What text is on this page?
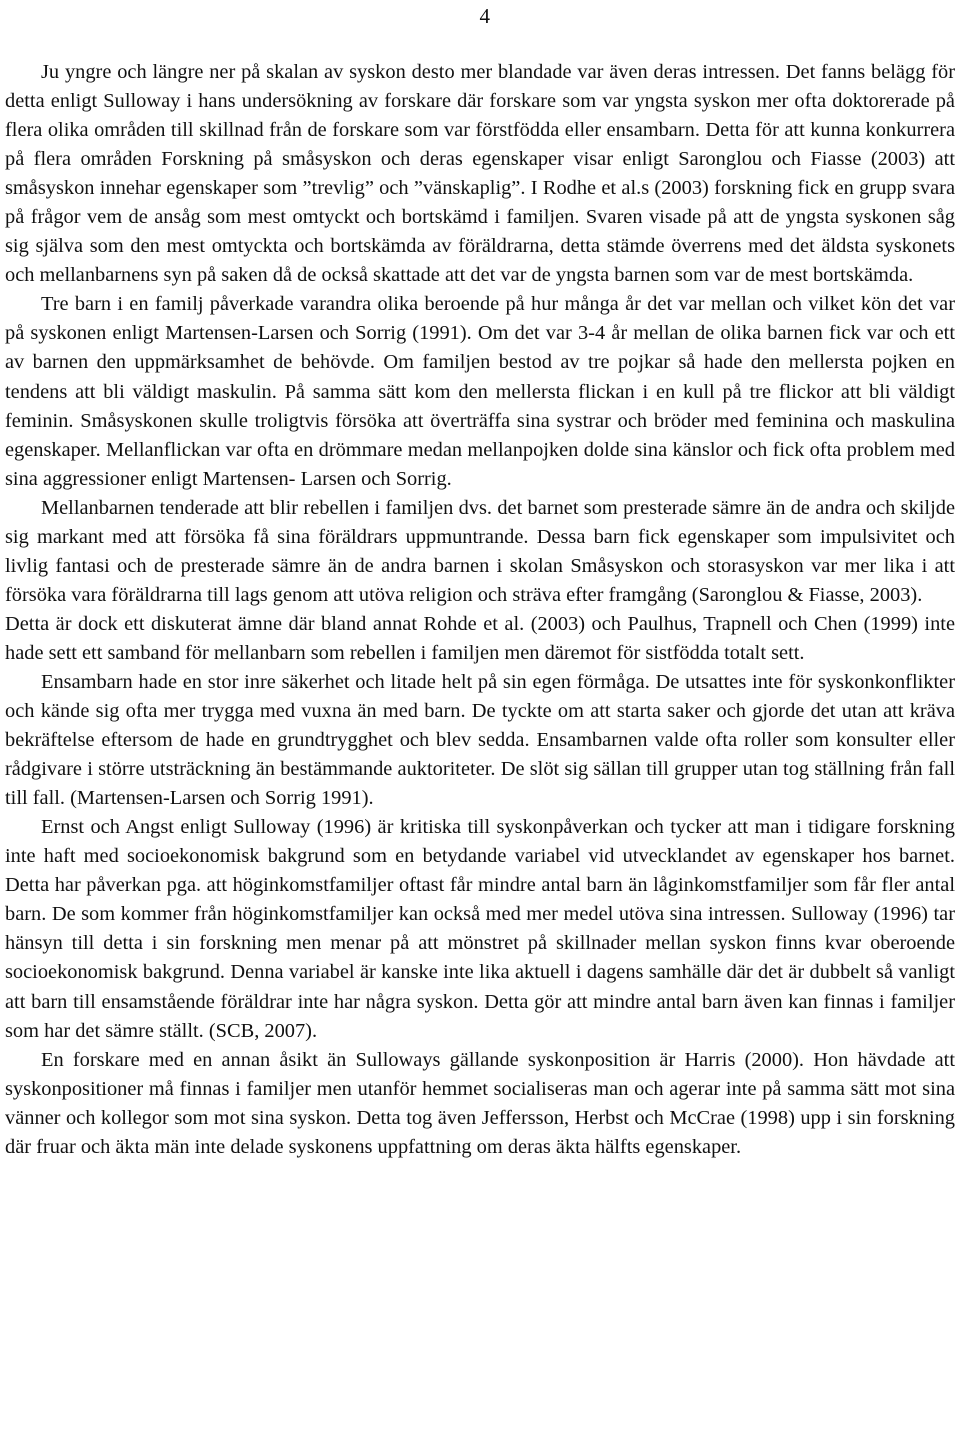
4

Ju yngre och längre ner på skalan av syskon desto mer blandade var även deras intressen. Det fanns belägg för detta enligt Sulloway i hans undersökning av forskare där forskare som var yngsta syskon mer ofta doktorerade på flera olika områden till skillnad från de forskare som var förstfödda eller ensambarn. Detta för att kunna konkurrera på flera områden Forskning på småsyskon och deras egenskaper visar enligt Saronglou och Fiasse (2003) att småsyskon innehar egenskaper som ”trevlig” och ”vänskaplig”. I Rodhe et al.s (2003) forskning fick en grupp svara på frågor vem de ansåg som mest omtyckt och bortskämd i familjen. Svaren visade på att de yngsta syskonen såg sig själva som den mest omtyckta och bortskämda av föräldrarna, detta stämde överrens med det äldsta syskonets och mellanbarnens syn på saken då de också skattade att det var de yngsta barnen som var de mest bortskämda.

Tre barn i en familj påverkade varandra olika beroende på hur många år det var mellan och vilket kön det var på syskonen enligt Martensen-Larsen och Sorrig (1991). Om det var 3-4 år mellan de olika barnen fick var och ett av barnen den uppmärksamhet de behövde. Om familjen bestod av tre pojkar så hade den mellersta pojken en tendens att bli väldigt maskulin. På samma sätt kom den mellersta flickan i en kull på tre flickor att bli väldigt feminin. Småsyskonen skulle troligtvis försöka att överträffa sina systrar och bröder med feminina och maskulina egenskaper. Mellanflickan var ofta en drömmare medan mellanpojken dolde sina känslor och fick ofta problem med sina aggressioner enligt Martensen- Larsen och Sorrig.

Mellanbarnen tenderade att blir rebellen i familjen dvs. det barnet som presterade sämre än de andra och skiljde sig markant med att försöka få sina föräldrars uppmuntrande. Dessa barn fick egenskaper som impulsivitet och livlig fantasi och de presterade sämre än de andra barnen i skolan Småsyskon och storasyskon var mer lika i att försöka vara föräldrarna till lags genom att utöva religion och sträva efter framgång (Saronglou & Fiasse, 2003).

Detta är dock ett diskuterat ämne där bland annat Rohde et al. (2003) och Paulhus, Trapnell och Chen (1999) inte hade sett ett samband för mellanbarn som rebellen i familjen men däremot för sistfödda totalt sett.

Ensambarn hade en stor inre säkerhet och litade helt på sin egen förmåga. De utsattes inte för syskonkonflikter och kände sig ofta mer trygga med vuxna än med barn. De tyckte om att starta saker och gjorde det utan att kräva bekräftelse eftersom de hade en grundtrygghet och blev sedda. Ensambarnen valde ofta roller som konsulter eller rådgivare i större utsträckning än bestämmande auktoriteter. De slöt sig sällan till grupper utan tog ställning från fall till fall. (Martensen-Larsen och Sorrig 1991).

Ernst och Angst enligt Sulloway (1996) är kritiska till syskonpåverkan och tycker att man i tidigare forskning inte haft med socioekonomisk bakgrund som en betydande variabel vid utvecklandet av egenskaper hos barnet. Detta har påverkan pga. att höginkomstfamiljer oftast får mindre antal barn än låginkomstfamiljer som får fler antal barn. De som kommer från höginkomstfamiljer kan också med mer medel utöva sina intressen. Sulloway (1996) tar hänsyn till detta i sin forskning men menar på att mönstret på skillnader mellan syskon finns kvar oberoende socioekonomisk bakgrund. Denna variabel är kanske inte lika aktuell i dagens samhälle där det är dubbelt så vanligt att barn till ensamstående föräldrar inte har några syskon. Detta gör att mindre antal barn även kan finnas i familjer som har det sämre ställt. (SCB, 2007).

En forskare med en annan åsikt än Sulloways gällande syskonposition är Harris (2000). Hon hävdade att syskonpositioner må finnas i familjer men utanför hemmet socialiseras man och agerar inte på samma sätt mot sina vänner och kollegor som mot sina syskon. Detta tog även Jeffersson, Herbst och McCrae (1998) upp i sin forskning där fruar och äkta män inte delade syskonens uppfattning om deras äkta hälfts egenskaper.
